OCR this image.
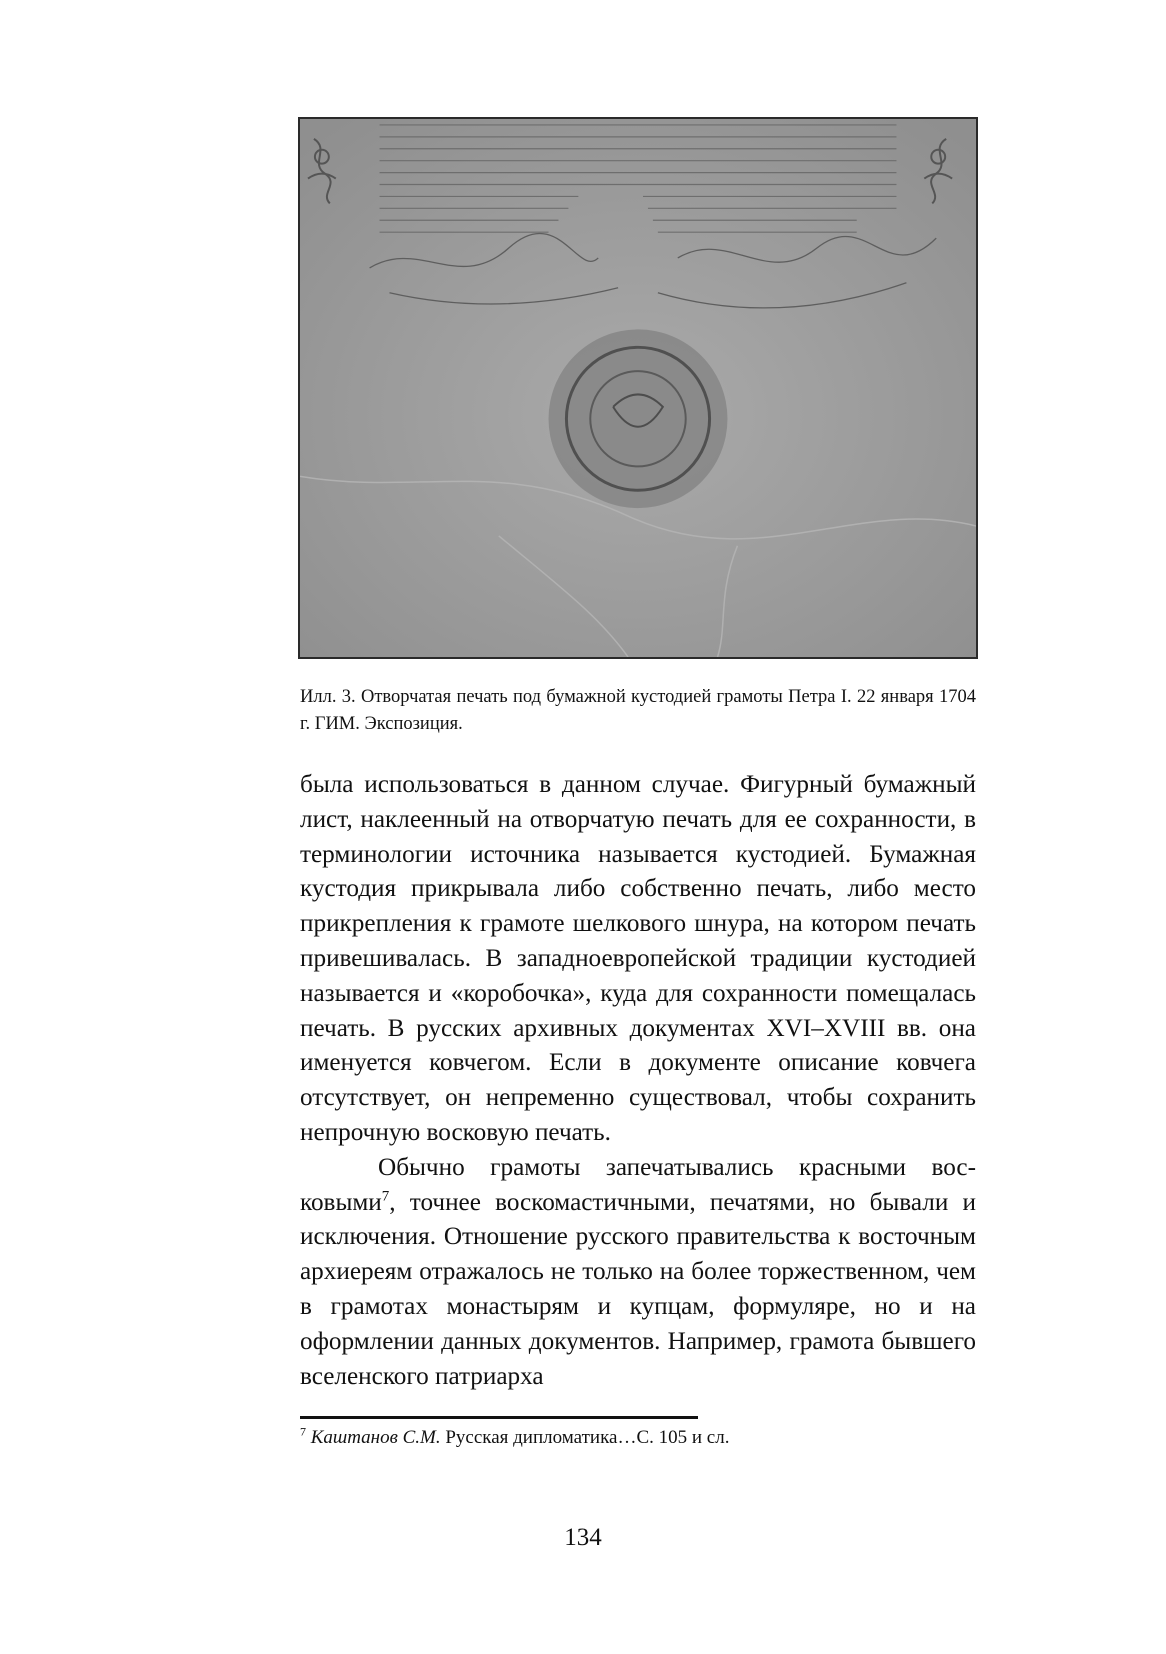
Илл. 3. Отворчатая печать под бумажной кустодией грамоты Петра I. 22 января 1704 г. ГИМ. Экспозиция.

была использоваться в данном случае. Фигурный бумажный лист, наклеенный на отворчатую печать для ее сохранности, в терминологии источника называется кустодией. Бумажная кустодия прикрывала либо собственно печать, либо место прикрепления к грамоте шелкового шнура, на котором печать привешивалась. В западноевропейской традиции кустодией называется и «коробочка», куда для сохранности помещалась печать. В русских архивных документах XVI–XVIII вв. она именуется ковчегом. Если в документе описание ковчега отсутствует, он непременно существовал, чтобы сохранить непрочную восковую печать.

Обычно грамоты запечатывались красными восковыми$^7$, точнее воскомастичными, печатями, но бывали и исключения. Отношение русского правительства к восточным архиереям отражалось не только на более торжественном, чем в грамотах монастырям и купцам, формуляре, но и на оформлении данных документов. Например, грамота бывшего вселенского патриарха

$^7$ Каштанов С.М. Русская дипломатика…С. 105 и сл.
134
